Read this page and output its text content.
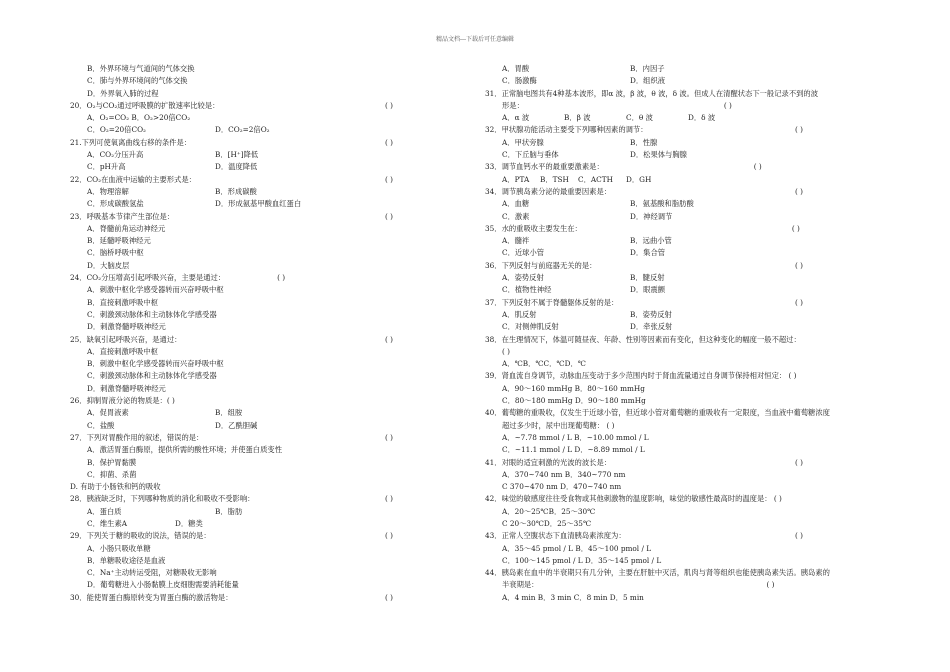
精品文档---下载后可任意编辑
B．外界环境与气道间的气体交换
C．肺与外界环境间的气体交换
D．外界氧入肺的过程
20．O₂与CO₂通过呼吸膜的扩散速率比较是：	( )
A．O₂=CO₂ B．O₂>20倍CO₂
C．O₂=20倍CO₂	D．CO₂=2倍O₂
21.下列可使氧离曲线右移的条件是：	( )
A．CO₂分压升高	B．[H⁺]降低
C．pH升高	D．温度降低
22．CO₂在血液中运输的主要形式是：	( )
A．物理溶解	B．形成碳酸
C．形成碳酸氢盐	D．形成氨基甲酸血红蛋白
23．呼吸基本节律产生部位是：	( )
A．脊髓前角运动神经元
B．延髓呼吸神经元
C．脑桥呼吸中枢
D．大脑皮层
24．CO₂分压增高引起呼吸兴奋，主要是通过：	( )
A．刺激中枢化学感受器转而兴奋呼吸中枢
B．直接刺激呼吸中枢
C．刺激颈动脉体和主动脉体化学感受器
D．刺激脊髓呼吸神经元
25．缺氧引起呼吸兴奋，是通过：	( )
A．直接刺激呼吸中枢
B．刺激中枢化学感受器转而兴奋呼吸中枢
C．刺激颈动脉体和主动脉体化学感受器
D．刺激脊髓呼吸神经元
26．抑制胃液分泌的物质是：( )
A．促胃液素	B．组胺
C．盐酸	D．乙酰胆碱
27．下列对胃酸作用的叙述，错误的是：	( )
A．激活胃蛋白酶原，提供所需的酸性环境；并使蛋白质变性
B．保护胃黏膜
C．抑菌、杀菌
D. 有助于小肠铁和钙的吸收
28．胰液缺乏时，下列哪种物质的消化和吸收不受影响：	( )
A．蛋白质	B．脂肪
C．维生素A	D．糖类
29．下列关于糖的吸收的说法，错误的是：	( )
A．小肠只吸收单糖
B．单糖吸收途径是血液
C．Na⁺主动转运受阻，对糖吸收无影响
D．葡萄糖进入小肠黏膜上皮细胞需要消耗能量
30．能使胃蛋白酶原转变为胃蛋白酶的激活物是：	( )
A．胃酸	B．内因子
C．肠激酶	D．组织液
31．正常脑电图共有4种基本波形，即α 波，β 波，θ 波，δ 波。但成人在清醒状态下一般记录不到的波
形是：	( )
A．α 波	B．β 波	C．θ 波	D．δ 波
32．甲状腺功能活动主要受下列哪种因素的调节：	( )
A．甲状旁腺	B．性腺
C．下丘脑与垂体	D．松果体与胸腺
33．调节血钙水平的最重要激素是：	( )
A．PTA	B．TSH	C．ACTH	D．GH
34．调节胰岛素分泌的最重要因素是：	( )
A．血糖	B．氨基酸和脂肪酸
C．激素	D．神经调节
35．水的重吸收主要发生在：	( )
A．髓袢	B．远曲小管
C．近球小管	D．集合管
36．下列反射与前庭器无关的是：	( )
A．姿势反射	B．腱反射
C．植物性神经	D．眼震颤
37．下列反射不属于脊髓躯体反射的是：	( )
A．肌反射	B．姿势反射
C．对侧伸肌反射	D．牵张反射
38．在生理情况下，体温可随昼夜、年龄、性别等因素而有变化，但这种变化的幅度一般不超过：
( )
A．℃B．℃C．℃D．℃
39．肾血流自身调节，动脉血压变动于多少范围内时于肾血流量通过自身调节保持相对恒定： ( )
A．90～160 mmHg B．80～160 mmHg
C．80～180 mmHg D．90～180 mmHg
40．葡萄糖的重吸收，仅发生于近球小管，但近球小管对葡萄糖的重吸收有一定限度，当血液中葡萄糖浓度
超过多少时，尿中出现葡萄糖： ( )
A．~7.78 mmol / L B．~10.00 mmol / L
C．~11.1 mmol / L D．~8.89 mmol / L
41．对眼的适宜刺激的光波的波长是：	( )
A．370~740 nm B．340~770 nm
C 370~470 nm D．470~740 nm
42．味觉的敏感度往往受食物或其他刺激物的温度影响，味觉的敏感性最高时的温度是： ( )
A．20～25℃B．25～30℃
C 20～30℃D．25～35℃
43．正常人空腹状态下血清胰岛素浓度为：	( )
A．35～45 pmol / L B．45～100 pmol / L
C．100～145 pmol / L D．35～145 pmol / L
44．胰岛素在血中的半衰期只有几分钟，主要在肝脏中灭活，肌肉与肾等组织也能使胰岛素失活。胰岛素的
半衰期是：	( )
A．4 min B．3 min C．8 min D．5 min
